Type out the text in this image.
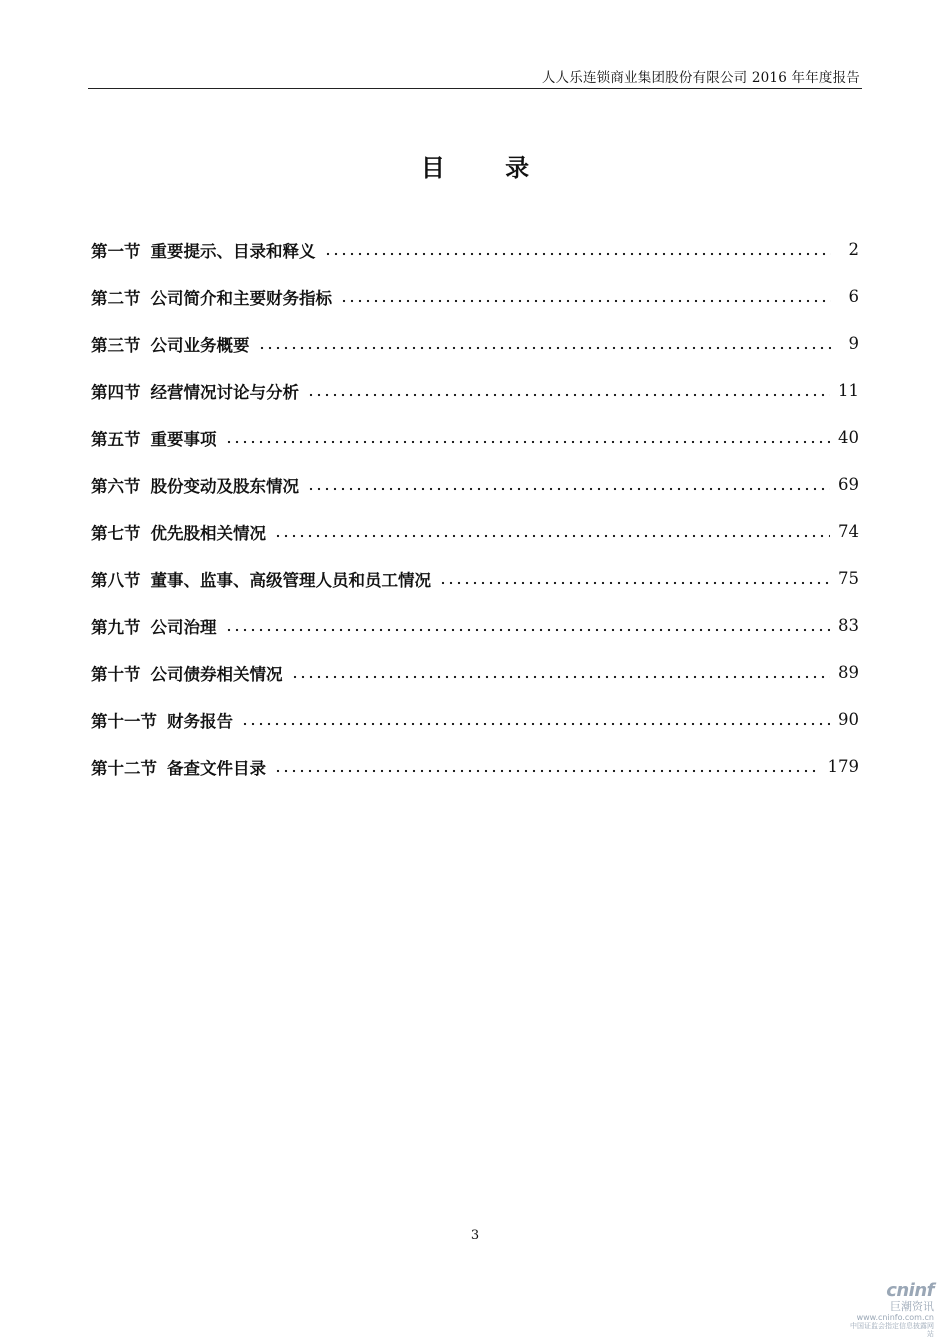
人人乐连锁商业集团股份有限公司 2016 年年度报告
目 录
第一节 重要提示、目录和释义	2
第二节 公司简介和主要财务指标	6
第三节 公司业务概要	9
第四节 经营情况讨论与分析	11
第五节 重要事项	40
第六节 股份变动及股东情况	69
第七节 优先股相关情况	74
第八节 董事、监事、高级管理人员和员工情况	75
第九节 公司治理	83
第十节 公司债券相关情况	89
第十一节 财务报告	90
第十二节 备查文件目录	179
3
cninf
巨潮资讯
www.cninfo.com.cn
中国证监会指定信息披露网站
